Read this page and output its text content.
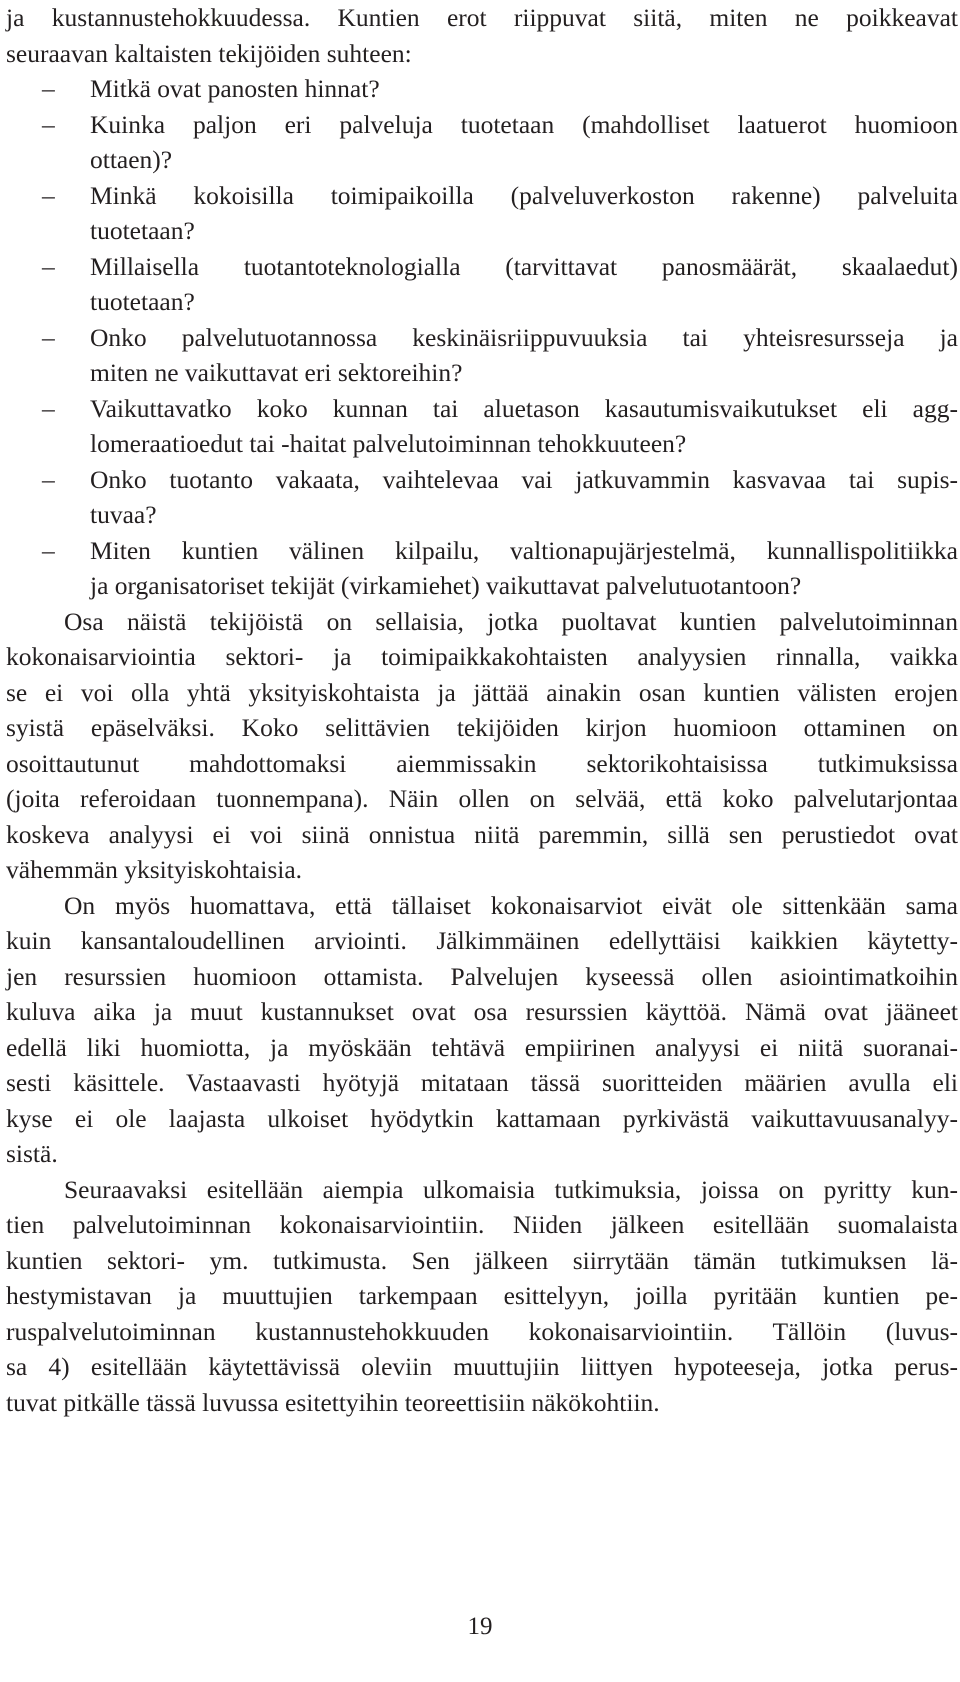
ja kustannustehokkuudessa. Kuntien erot riippuvat siitä, miten ne poikkeavat
seuraavan kaltaisten tekijöiden suhteen:
– Mitkä ovat panosten hinnat?
– Kuinka paljon eri palveluja tuotetaan (mahdolliset laatuerot huomioon
ottaen)?
– Minkä kokoisilla toimipaikoilla (palveluverkoston rakenne) palveluita
tuotetaan?
– Millaisella tuotantoteknologialla (tarvittavat panosmäärät, skaalaedut)
tuotetaan?
– Onko palvelutuotannossa keskinäisriippuvuuksia tai yhteisresursseja ja
miten ne vaikuttavat eri sektoreihin?
– Vaikuttavatko koko kunnan tai aluetason kasautumisvaikutukset eli agg-
lomeraatioedut tai -haitat palvelutoiminnan tehokkuuteen?
– Onko tuotanto vakaata, vaihtelevaa vai jatkuvammin kasvavaa tai supis-
tuvaa?
– Miten kuntien välinen kilpailu, valtionapujärjestelmä, kunnallispolitiikka
ja organisatoriset tekijät (virkamiehet) vaikuttavat palvelutuotantoon?
Osa näistä tekijöistä on sellaisia, jotka puoltavat kuntien palvelutoiminnan
kokonaisarviointia sektori- ja toimipaikkakohtaisten analyysien rinnalla, vaikka
se ei voi olla yhtä yksityiskohtaista ja jättää ainakin osan kuntien välisten erojen
syistä epäselväksi. Koko selittävien tekijöiden kirjon huomioon ottaminen on
osoittautunut mahdottomaksi aiemmissakin sektorikohtaisissa tutkimuksissa
(joita referoidaan tuonnempana). Näin ollen on selvää, että koko palvelutarjontaa
koskeva analyysi ei voi siinä onnistua niitä paremmin, sillä sen perustiedot ovat
vähemmän yksityiskohtaisia.
On myös huomattava, että tällaiset kokonaisarviot eivät ole sittenkään sama
kuin kansantaloudellinen arviointi. Jälkimmäinen edellyttäisi kaikkien käytetty-
jen resurssien huomioon ottamista. Palvelujen kyseessä ollen asiointimatkoihin
kuluva aika ja muut kustannukset ovat osa resurssien käyttöä. Nämä ovat jääneet
edellä liki huomiotta, ja myöskään tehtävä empiirinen analyysi ei niitä suoranai-
sesti käsittele. Vastaavasti hyötyjä mitataan tässä suoritteiden määrien avulla eli
kyse ei ole laajasta ulkoiset hyödytkin kattamaan pyrkivästä vaikuttavuusanalyy-
sistä.
Seuraavaksi esitellään aiempia ulkomaisia tutkimuksia, joissa on pyritty kun-
tien palvelutoiminnan kokonaisarviointiin. Niiden jälkeen esitellään suomalaista
kuntien sektori- ym. tutkimusta. Sen jälkeen siirrytään tämän tutkimuksen lä-
hestymistavan ja muuttujien tarkempaan esittelyyn, joilla pyritään kuntien pe-
ruspalvelutoiminnan kustannustehokkuuden kokonaisarviointiin. Tällöin (luvus-
sa 4) esitellään käytettävissä oleviin muuttujiin liittyen hypoteeseja, jotka perus-
tuvat pitkälle tässä luvussa esitettyihin teoreettisiin näkökohtiin.
19
